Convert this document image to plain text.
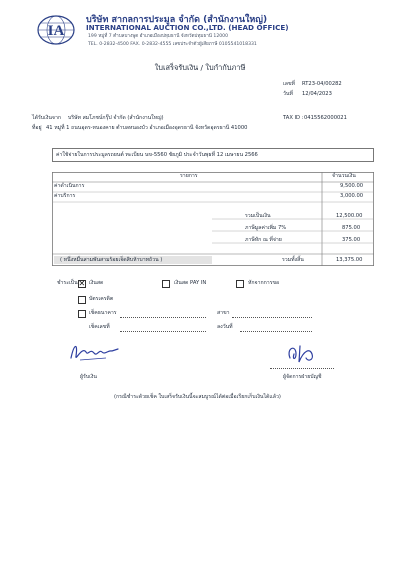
IA
บริษัท สากลการประมูล จำกัด (สำนักงานใหญ่)
INTERNATIONAL AUCTION CO.,LTD. (HEAD OFFICE)
199 หมู่ที่ 7 ตำบลบางพูด อำเภอเมืองปทุมธานี จังหวัดปทุมธานี 12000
TEL. 0-2832-4500 FAX. 0-2832-4555 เลขประจำตัวผู้เสียภาษี 0105541018331
ใบเสร็จรับเงิน / ใบกำกับภาษี
เลขที่ RT23-04/00282
วันที่ 12/04/2023
ได้รับเงินจาก บริษัท สมโภชน์กรุ๊ป จำกัด (สำนักงานใหญ่)	TAX ID : 0415562000021
ที่อยู่ 41 หมู่ที่ 1 ถนนอุดร-หนองคาย ตำบลหนองบัว อำเภอเมืองอุดรธานี จังหวัดอุดรธานี 41000
ค่าใช้จ่ายในการประมูลรถยนต์ ทะเบียน นข-5560 ชัยภูมิ ประจำวันพุธที่ 12 เมษายน 2566
รายการ	จำนวนเงิน
ค่าดำเนินการ	9,500.00
ค่าบริการ	3,000.00
รวมเป็นเงิน	12,500.00
ภาษีมูลค่าเพิ่ม 7%	875.00
ภาษีหัก ณ ที่จ่าย	375.00
( หนึ่งหมื่นสามพันสามร้อยเจ็ดสิบห้าบาทถ้วน )	รวมทั้งสิ้น	13,375.00
ชำระเป็น
✕ เงินสด	เงินสด PAY IN	หักจากการขอ
บัตรเครดิต
เช็คธนาคาร	สาขา
เช็คเลขที่	ลงวันที่
ผู้รับเงิน	ผู้จัดการฝ่ายบัญชี
(กรณีชำระด้วยเช็ค ใบเสร็จรับเงินนี้จะสมบูรณ์ได้ต่อเมื่อเรียกเก็บเงินได้แล้ว)
